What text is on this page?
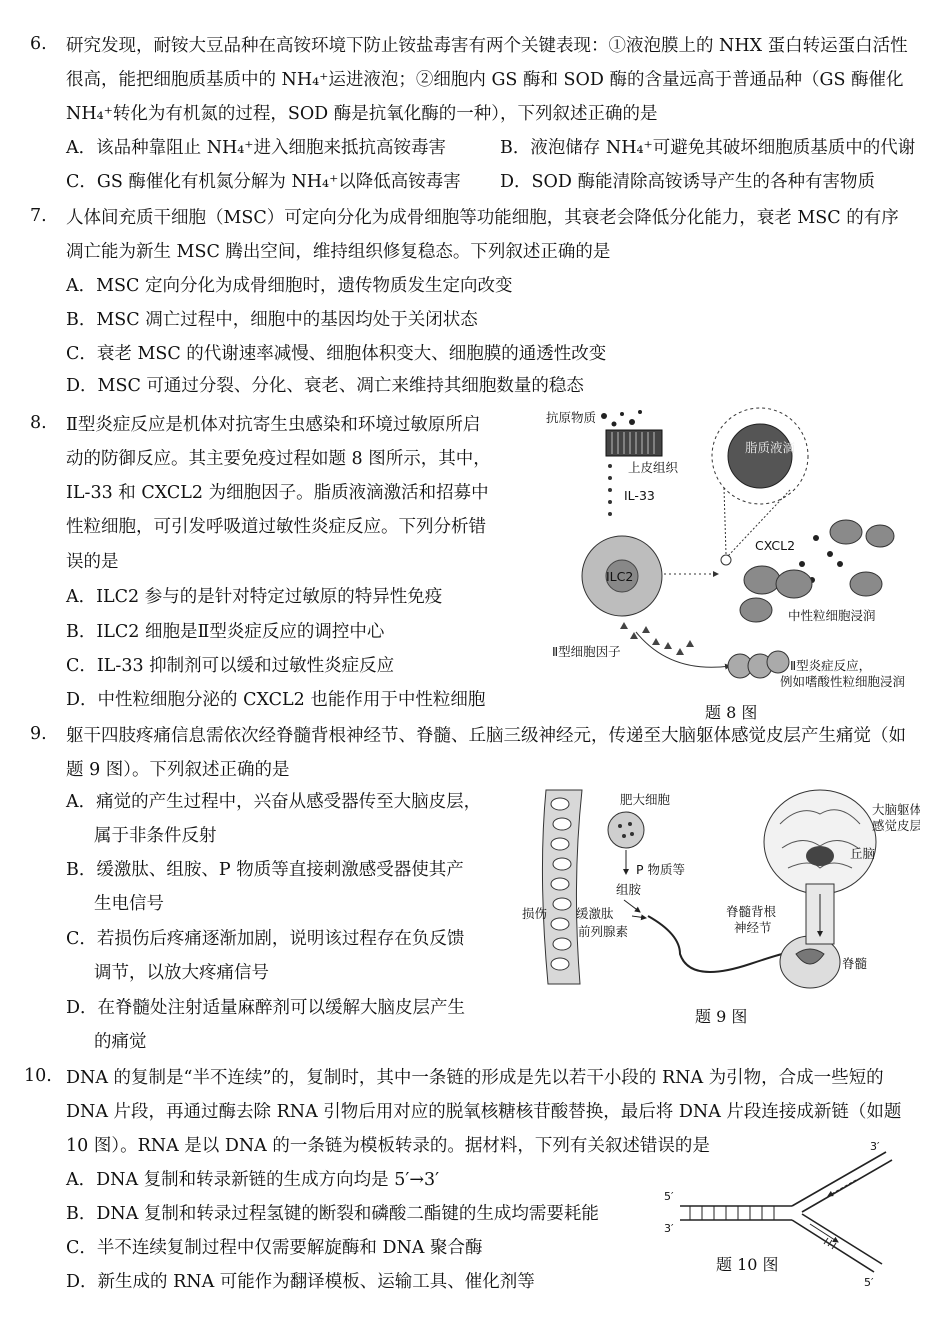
6. 研究发现，耐铵大豆品种在高铵环境下防止铵盐毒害有两个关键表现：①液泡膜上的 NHX 蛋白转运蛋白活性
很高，能把细胞质基质中的 NH₄⁺运进液泡；②细胞内 GS 酶和 SOD 酶的含量远高于普通品种（GS 酶催化
NH₄⁺转化为有机氮的过程，SOD 酶是抗氧化酶的一种），下列叙述正确的是
A．该品种靠阻止 NH₄⁺进入细胞来抵抗高铵毒害	B．液泡储存 NH₄⁺可避免其破坏细胞质基质中的代谢
C．GS 酶催化有机氮分解为 NH₄⁺以降低高铵毒害 D．SOD 酶能清除高铵诱导产生的各种有害物质
7. 人体间充质干细胞（MSC）可定向分化为成骨细胞等功能细胞，其衰老会降低分化能力，衰老 MSC 的有序
凋亡能为新生 MSC 腾出空间，维持组织修复稳态。下列叙述正确的是
A．MSC 定向分化为成骨细胞时，遗传物质发生定向改变
B．MSC 凋亡过程中，细胞中的基因均处于关闭状态
C．衰老 MSC 的代谢速率减慢、细胞体积变大、细胞膜的通透性改变
D．MSC 可通过分裂、分化、衰老、凋亡来维持其细胞数量的稳态
8. Ⅱ型炎症反应是机体对抗寄生虫感染和环境过敏原所启
动的防御反应。其主要免疫过程如题 8 图所示，其中，
IL-33 和 CXCL2 为细胞因子。脂质液滴激活和招募中
性粒细胞，可引发呼吸道过敏性炎症反应。下列分析错
误的是
A．ILC2 参与的是针对特定过敏原的特异性免疫
B．ILC2 细胞是Ⅱ型炎症反应的调控中心
C．IL-33 抑制剂可以缓和过敏性炎症反应
D．中性粒细胞分泌的 CXCL2 也能作用于中性粒细胞
抗原物质
上皮组织
IL-33
脂质液滴
ILC2
CXCL2
中性粒细胞浸润
Ⅱ型细胞因子
Ⅱ型炎症反应，
例如嗜酸性粒细胞浸润
题 8 图
9. 躯干四肢疼痛信息需依次经脊髓背根神经节、脊髓、丘脑三级神经元，传递至大脑躯体感觉皮层产生痛觉（如
题 9 图）。下列叙述正确的是
A．痛觉的产生过程中，兴奋从感受器传至大脑皮层，
属于非条件反射
B．缓激肽、组胺、P 物质等直接刺激感受器使其产
生电信号
C．若损伤后疼痛逐渐加剧，说明该过程存在负反馈
调节，以放大疼痛信号
D．在脊髓处注射适量麻醉剂可以缓解大脑皮层产生
的痛觉
损伤
肥大细胞
P 物质等
组胺
缓激肽
前列腺素
脊髓
脊髓背根
神经节
大脑躯体
感觉皮层
丘脑
题 9 图
10. DNA 的复制是“半不连续”的，复制时，其中一条链的形成是先以若干小段的 RNA 为引物，合成一些短的
DNA 片段，再通过酶去除 RNA 引物后用对应的脱氧核糖核苷酸替换，最后将 DNA 片段连接成新链（如题
10 图）。RNA 是以 DNA 的一条链为模板转录的。据材料，下列有关叙述错误的是
A．DNA 复制和转录新链的生成方向均是 5′→3′
B．DNA 复制和转录过程氢键的断裂和磷酸二酯键的生成均需要耗能
C．半不连续复制过程中仅需要解旋酶和 DNA 聚合酶
D．新生成的 RNA 可能作为翻译模板、运输工具、催化剂等
3′
5′
3′
5′
题 10 图
